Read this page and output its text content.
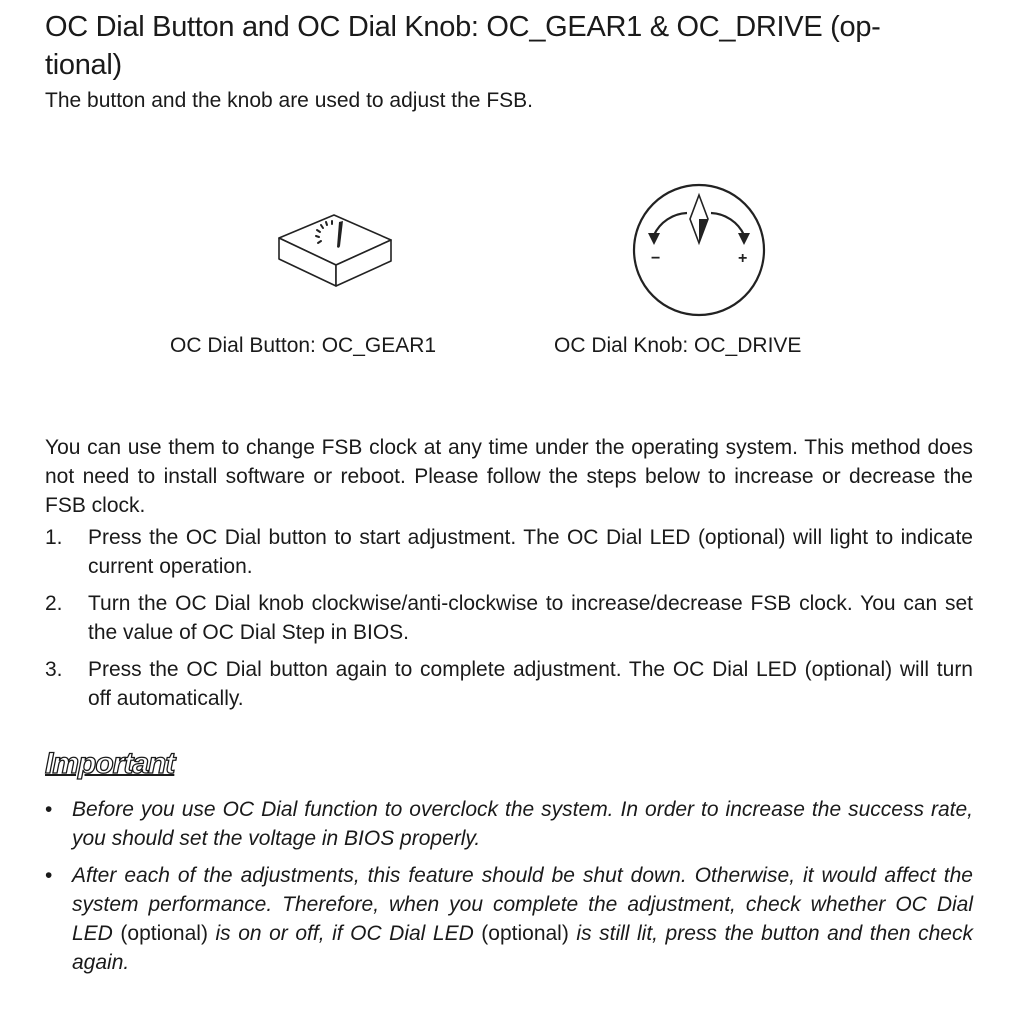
OC Dial Button and OC Dial Knob: OC_GEAR1 & OC_DRIVE (op-
tional)

The button and the knob are used to adjust the FSB.

−	+
OC Dial Button: OC_GEAR1	OC Dial Knob: OC_DRIVE

You can use them to change FSB clock at any time under the operating system. This method does not need to install software or reboot. Please follow the steps below to increase or decrease the FSB clock.

1. Press the OC Dial button to start adjustment. The OC Dial LED (optional) will light to indicate current operation.
2. Turn the OC Dial knob clockwise/anti-clockwise to increase/decrease FSB clock. You can set the value of OC Dial Step in BIOS.
3. Press the OC Dial button again to complete adjustment. The OC Dial LED (optional) will turn off automatically.
Important
• Before you use OC Dial function to overclock the system. In order to increase the success rate, you should set the voltage in BIOS properly.
• After each of the adjustments, this feature should be shut down. Otherwise, it would affect the system performance. Therefore, when you complete the adjustment, check whether OC Dial LED (optional) is on or off, if OC Dial LED (optional) is still lit, press the button and then check again.
